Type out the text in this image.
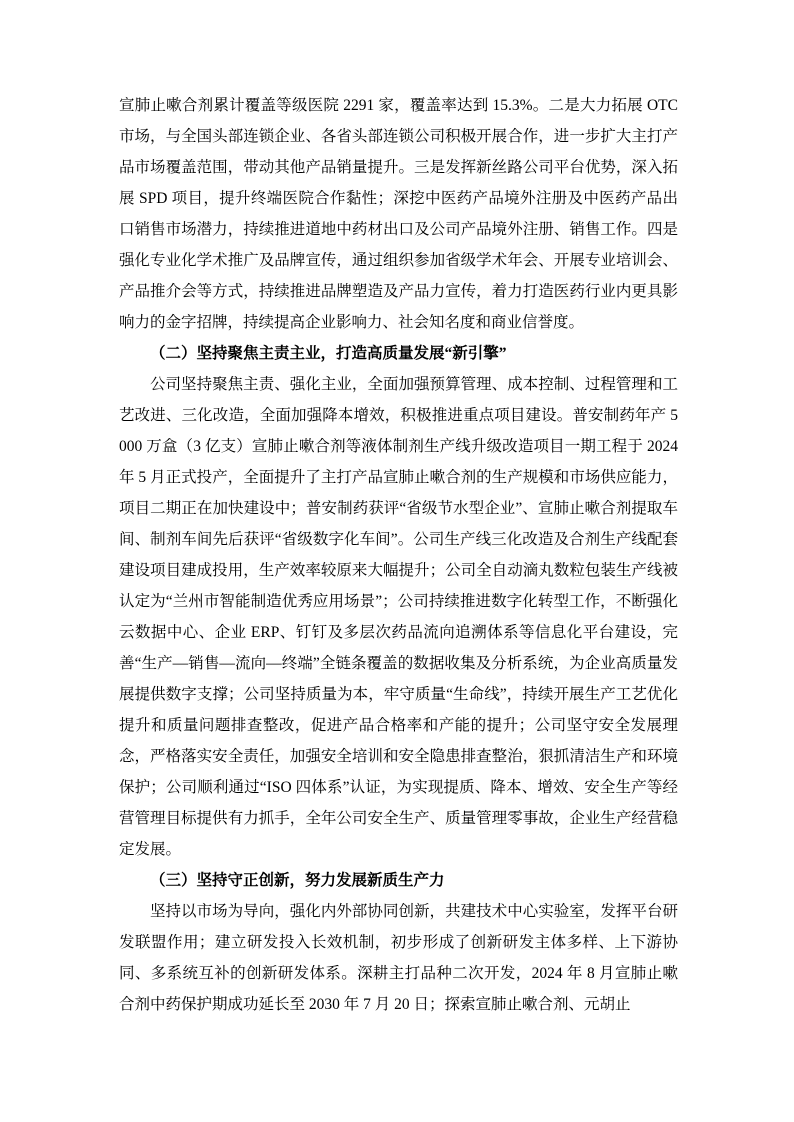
宣肺止嗽合剂累计覆盖等级医院 2291 家，覆盖率达到 15.3%。二是大力拓展 OTC 市场，与全国头部连锁企业、各省头部连锁公司积极开展合作，进一步扩大主打产品市场覆盖范围，带动其他产品销量提升。三是发挥新丝路公司平台优势，深入拓展 SPD 项目，提升终端医院合作黏性；深挖中医药产品境外注册及中医药产品出口销售市场潜力，持续推进道地中药材出口及公司产品境外注册、销售工作。四是强化专业化学术推广及品牌宣传，通过组织参加省级学术年会、开展专业培训会、产品推介会等方式，持续推进品牌塑造及产品力宣传，着力打造医药行业内更具影响力的金字招牌，持续提高企业影响力、社会知名度和商业信誉度。

（二）坚持聚焦主责主业，打造高质量发展“新引擎”

公司坚持聚焦主责、强化主业，全面加强预算管理、成本控制、过程管理和工艺改进、三化改造，全面加强降本增效，积极推进重点项目建设。普安制药年产 5000 万盒（3 亿支）宣肺止嗽合剂等液体制剂生产线升级改造项目一期工程于 2024 年 5 月正式投产，全面提升了主打产品宣肺止嗽合剂的生产规模和市场供应能力，项目二期正在加快建设中；普安制药获评“省级节水型企业”、宣肺止嗽合剂提取车间、制剂车间先后获评“省级数字化车间”。公司生产线三化改造及合剂生产线配套建设项目建成投用，生产效率较原来大幅提升；公司全自动滴丸数粒包装生产线被认定为“兰州市智能制造优秀应用场景”；公司持续推进数字化转型工作，不断强化云数据中心、企业 ERP、钉钉及多层次药品流向追溯体系等信息化平台建设，完善“生产—销售—流向—终端”全链条覆盖的数据收集及分析系统，为企业高质量发展提供数字支撑；公司坚持质量为本，牢守质量“生命线”，持续开展生产工艺优化提升和质量问题排查整改，促进产品合格率和产能的提升；公司坚守安全发展理念，严格落实安全责任，加强安全培训和安全隐患排查整治，狠抓清洁生产和环境保护；公司顺利通过“ISO 四体系”认证，为实现提质、降本、增效、安全生产等经营管理目标提供有力抓手，全年公司安全生产、质量管理零事故，企业生产经营稳定发展。

（三）坚持守正创新，努力发展新质生产力

坚持以市场为导向，强化内外部协同创新，共建技术中心实验室，发挥平台研发联盟作用；建立研发投入长效机制，初步形成了创新研发主体多样、上下游协同、多系统互补的创新研发体系。深耕主打品种二次开发，2024 年 8 月宣肺止嗽合剂中药保护期成功延长至 2030 年 7 月 20 日；探索宣肺止嗽合剂、元胡止
